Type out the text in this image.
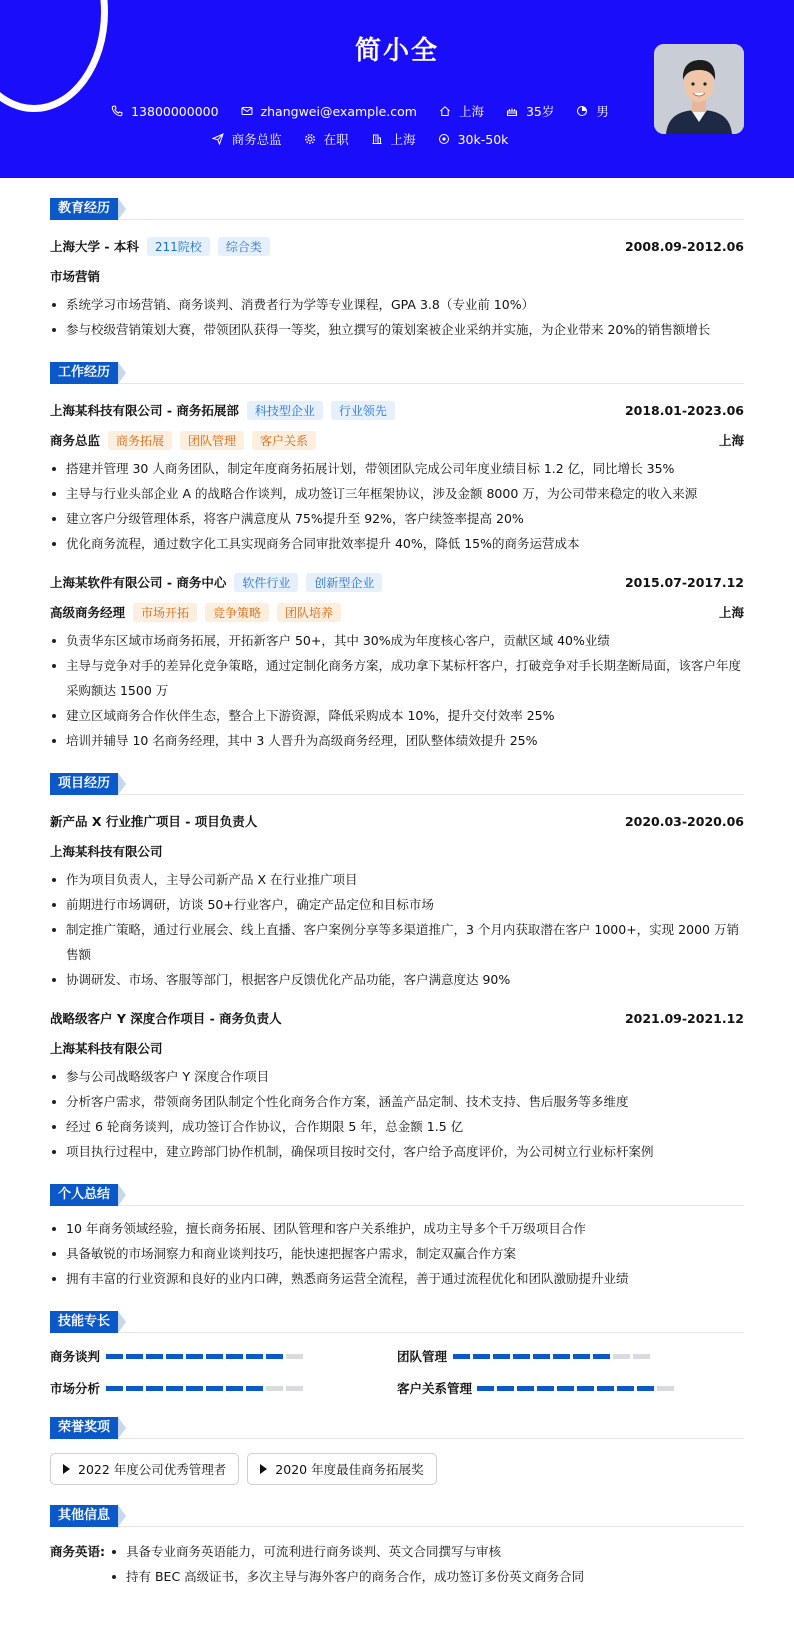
简小全
13800000000	zhangwei@example.com	上海	35岁	男
商务总监	在职	上海	30k-50k
教育经历
上海大学 - 本科	211院校	综合类	2008.09-2012.06
市场营销
系统学习市场营销、商务谈判、消费者行为学等专业课程，GPA 3.8（专业前 10%）
参与校级营销策划大赛，带领团队获得一等奖，独立撰写的策划案被企业采纳并实施，为企业带来 20%的销售额增长
工作经历
上海某科技有限公司 - 商务拓展部	科技型企业	行业领先	2018.01-2023.06
商务总监	商务拓展	团队管理	客户关系	上海
搭建并管理 30 人商务团队，制定年度商务拓展计划，带领团队完成公司年度业绩目标 1.2 亿，同比增长 35%
主导与行业头部企业 A 的战略合作谈判，成功签订三年框架协议，涉及金额 8000 万，为公司带来稳定的收入来源
建立客户分级管理体系，将客户满意度从 75%提升至 92%，客户续签率提高 20%
优化商务流程，通过数字化工具实现商务合同审批效率提升 40%，降低 15%的商务运营成本
上海某软件有限公司 - 商务中心	软件行业	创新型企业	2015.07-2017.12
高级商务经理	市场开拓	竞争策略	团队培养	上海
负责华东区域市场商务拓展，开拓新客户 50+，其中 30%成为年度核心客户，贡献区域 40%业绩
主导与竞争对手的差异化竞争策略，通过定制化商务方案，成功拿下某标杆客户，打破竞争对手长期垄断局面，该客户年度采购额达 1500 万
建立区域商务合作伙伴生态，整合上下游资源，降低采购成本 10%，提升交付效率 25%
培训并辅导 10 名商务经理，其中 3 人晋升为高级商务经理，团队整体绩效提升 25%
项目经历
新产品 X 行业推广项目 - 项目负责人	2020.03-2020.06
上海某科技有限公司
作为项目负责人，主导公司新产品 X 在行业推广项目
前期进行市场调研，访谈 50+行业客户，确定产品定位和目标市场
制定推广策略，通过行业展会、线上直播、客户案例分享等多渠道推广，3 个月内获取潜在客户 1000+，实现 2000 万销售额
协调研发、市场、客服等部门，根据客户反馈优化产品功能，客户满意度达 90%
战略级客户 Y 深度合作项目 - 商务负责人	2021.09-2021.12
上海某科技有限公司
参与公司战略级客户 Y 深度合作项目
分析客户需求，带领商务团队制定个性化商务合作方案，涵盖产品定制、技术支持、售后服务等多维度
经过 6 轮商务谈判，成功签订合作协议，合作期限 5 年，总金额 1.5 亿
项目执行过程中，建立跨部门协作机制，确保项目按时交付，客户给予高度评价，为公司树立行业标杆案例
个人总结
10 年商务领域经验，擅长商务拓展、团队管理和客户关系维护，成功主导多个千万级项目合作
具备敏锐的市场洞察力和商业谈判技巧，能快速把握客户需求，制定双赢合作方案
拥有丰富的行业资源和良好的业内口碑，熟悉商务运营全流程，善于通过流程优化和团队激励提升业绩
技能专长
商务谈判	团队管理
市场分析	客户关系管理
荣誉奖项
2022 年度公司优秀管理者	2020 年度最佳商务拓展奖
其他信息
商务英语:	具备专业商务英语能力，可流利进行商务谈判、英文合同撰写与审核
持有 BEC 高级证书，多次主导与海外客户的商务合作，成功签订多份英文商务合同
